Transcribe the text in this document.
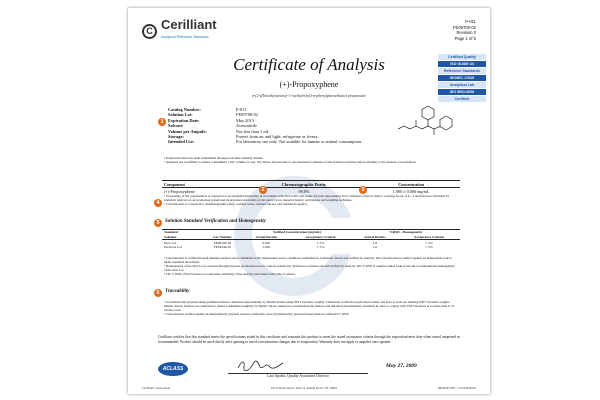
C Cerilliant
Analytical Reference Standards
P-011
FE09700-02
Revision 0
Page 1 of 5
Certified Quality
ISO GUIDE 34
Reference Standards
ISO/IEC 17025
Analytical Lab
ISO 9001:2008
Certified
Certificate of Analysis
(+)-Propoxyphene
α-(2-(Dimethylamino)-1-methylethyl)-α-phenylphenethanol propanoate
1
Catalog Number:	P-011
Solution Lot:	FE09700-02
Expiration Date:	May 2013
Solvent:	Acetonitrile
Volume per Ampule:	Not less than 1 mL
Storage:	Protect from air and light; refrigerate or freeze.
Intended Use:	For laboratory use only. Not suitable for human or animal consumption.
• Expiration Date has been established through real-time stability studies.
• Ampules are overfilled to ensure a minimum 1 mL volume (CoA). We advise laboratories to use measured volumes of this standard solution before diluting to the desired concentration.
Component	Chromatographic Purity	Concentration
(+)-Propoxyphene	99.8%	1.000 ± 0.006 mg/mL
2	3
4
• Uncertainty of the concentration is expressed as an expanded uncertainty in accordance with ISO/17025 and Guide 34 at the approximate 95% confidence interval using a coverage factor of k = 2 and has been calculated by statistical analysis of our production system and incorporates uncertainty of the purity factor, material density, and balance and weighing technique.
• Concentration is corrected for chromatographic purity, residual water, residual solvent, and residual inorganics.
5	Solution Standard Verification and Homogeneity
Standard		Verified Concentration (mg/mL)		%RSD - Homogeneity	
Solution	Lot Number	Actual Results	Acceptance Criteria	Actual Results	Acceptance Criteria
New Lot	FE09700-02	0.997	± 5%	1.8	≤ 5%
Previous Lot	FE04249-01	1.005	± 5%	1.6	≤ 5%
• Concentration is verified through multiple analyses and is submitted as the independent source conditions established in evaluation criteria and verified by analysis. The concentration is verified against an independent source under expanded uncertainty.
• Homogeneity of the New Lot is assessed through rigorous production process controls statistically analyzed to evaluate risk and verified by analysis. The % RSD of samples pulled from across the lot demonstrates homogeneity of the New Lot.
• The % RSD of the Previous Lot represents variability of the analysis performed at the time of release.
6	Traceability
• Gravimetrically prepared using qualified balances calibrated semi-annually by Mettler Toledo using NIST traceable weights. Calibration verification performed weekly and prior to each use utilizing NIST traceable weights. Mettler Toledo balances are calibrated to ensure a minimum weighing by Mettler Toledo taking into consideration the balance and installed environmental conditions in order to comply with USP tolerances of no more than 0.1% relative error.
• Concentration verified against an independently prepared separate calibration curve gravimetrically prepared using balances calibrated to NIST.
Cerilliant certifies that this standard meets the specifications stated in this certificate and warrants this product to meet the stated acceptance criteria through the expiration/retest date when stored unopened as recommended. Product should be used shortly after opening to avoid concentration changes due to evaporation. Warranty does not apply to ampules once opened.
ACLASS
Lara Sparks, Quality Assurance Director
May 27, 2009
Cerilliant Corporation	811 Paloma Drive, Suite A, Round Rock, TX 78665	800/848-7837 | 512/238-9974
